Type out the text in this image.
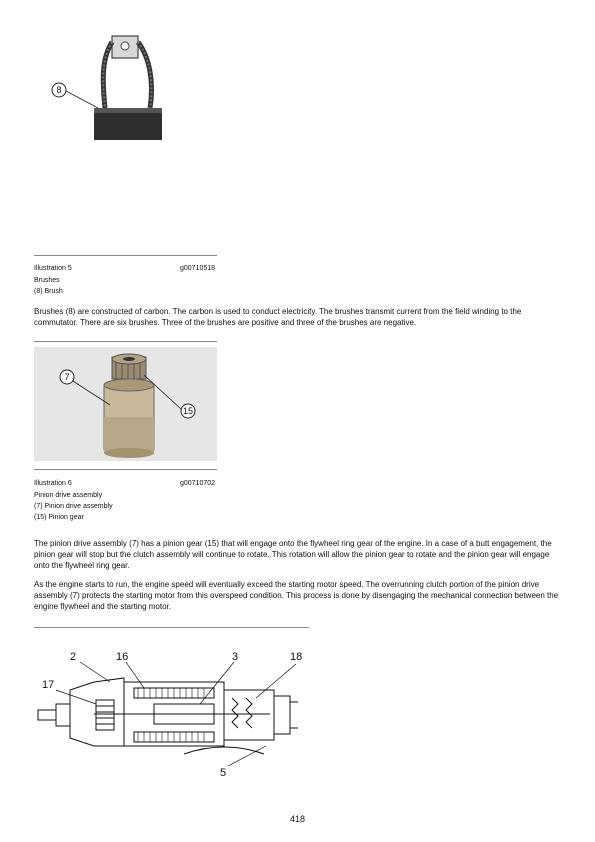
8
Illustration 5	g00710518
Brushes
(8) Brush
Brushes (8) are constructed of carbon. The carbon is used to conduct electricity. The brushes transmit current from the field winding to the commutator. There are six brushes. Three of the brushes are positive and three of the brushes are negative.
7
15
Illustration 6	g00710702
Pinion drive assembly
(7) Pinion drive assembly
(15) Pinion gear
The pinion drive assembly (7) has a pinion gear (15) that will engage onto the flywheel ring gear of the engine. In a case of a butt engagement, the pinion gear will stop but the clutch assembly will continue to rotate. This rotation will allow the pinion gear to rotate and the pinion gear will engage onto the flywheel ring gear.
As the engine starts to run, the engine speed will eventually exceed the starting motor speed. The overrunning clutch portion of the pinion drive assembly (7) protects the starting motor from this overspeed condition. This process is done by disengaging the mechanical connection between the engine flywheel and the starting motor.
2	16	3	18
17
5
418
